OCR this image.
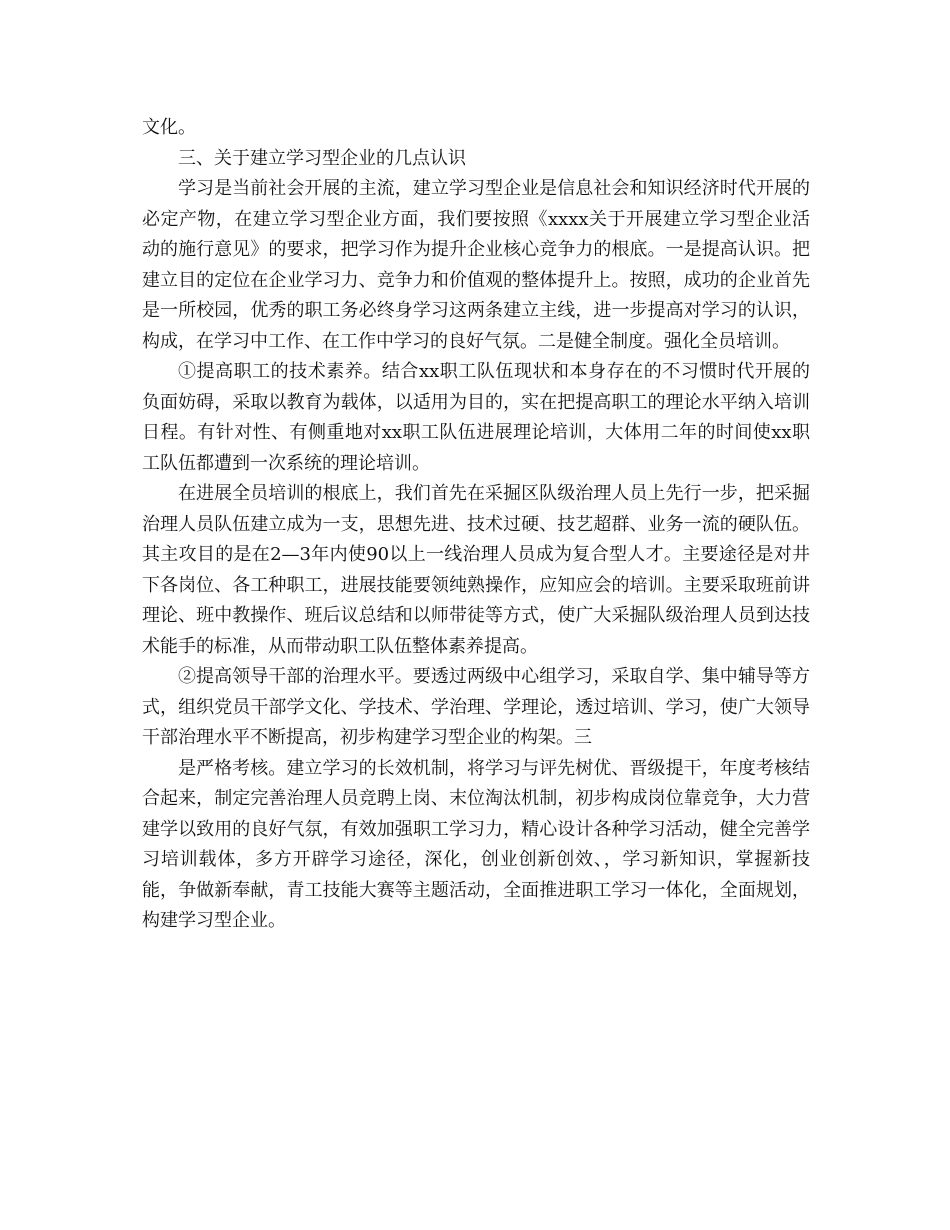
文化。

三、关于建立学习型企业的几点认识

学习是当前社会开展的主流，建立学习型企业是信息社会和知识经济时代开展的必定产物，在建立学习型企业方面，我们要按照《xxxx关于开展建立学习型企业活动的施行意见》的要求，把学习作为提升企业核心竞争力的根底。一是提高认识。把建立目的定位在企业学习力、竞争力和价值观的整体提升上。按照，成功的企业首先是一所校园，优秀的职工务必终身学习这两条建立主线，进一步提高对学习的认识，构成，在学习中工作、在工作中学习的良好气氛。二是健全制度。强化全员培训。

①提高职工的技术素养。结合xx职工队伍现状和本身存在的不习惯时代开展的负面妨碍，采取以教育为载体，以适用为目的，实在把提高职工的理论水平纳入培训日程。有针对性、有侧重地对xx职工队伍进展理论培训，大体用二年的时间使xx职工队伍都遭到一次系统的理论培训。

在进展全员培训的根底上，我们首先在采掘区队级治理人员上先行一步，把采掘治理人员队伍建立成为一支，思想先进、技术过硬、技艺超群、业务一流的硬队伍。其主攻目的是在2—3年内使90以上一线治理人员成为复合型人才。主要途径是对井下各岗位、各工种职工，进展技能要领纯熟操作，应知应会的培训。主要采取班前讲理论、班中教操作、班后议总结和以师带徒等方式，使广大采掘队级治理人员到达技术能手的标准，从而带动职工队伍整体素养提高。

②提高领导干部的治理水平。要透过两级中心组学习，采取自学、集中辅导等方式，组织党员干部学文化、学技术、学治理、学理论，透过培训、学习，使广大领导干部治理水平不断提高，初步构建学习型企业的构架。三

是严格考核。建立学习的长效机制，将学习与评先树优、晋级提干，年度考核结合起来，制定完善治理人员竞聘上岗、末位淘汰机制，初步构成岗位靠竞争，大力营建学以致用的良好气氛，有效加强职工学习力，精心设计各种学习活动，健全完善学习培训载体，多方开辟学习途径，深化，创业创新创效、，学习新知识，掌握新技能，争做新奉献，青工技能大赛等主题活动，全面推进职工学习一体化，全面规划，构建学习型企业。
